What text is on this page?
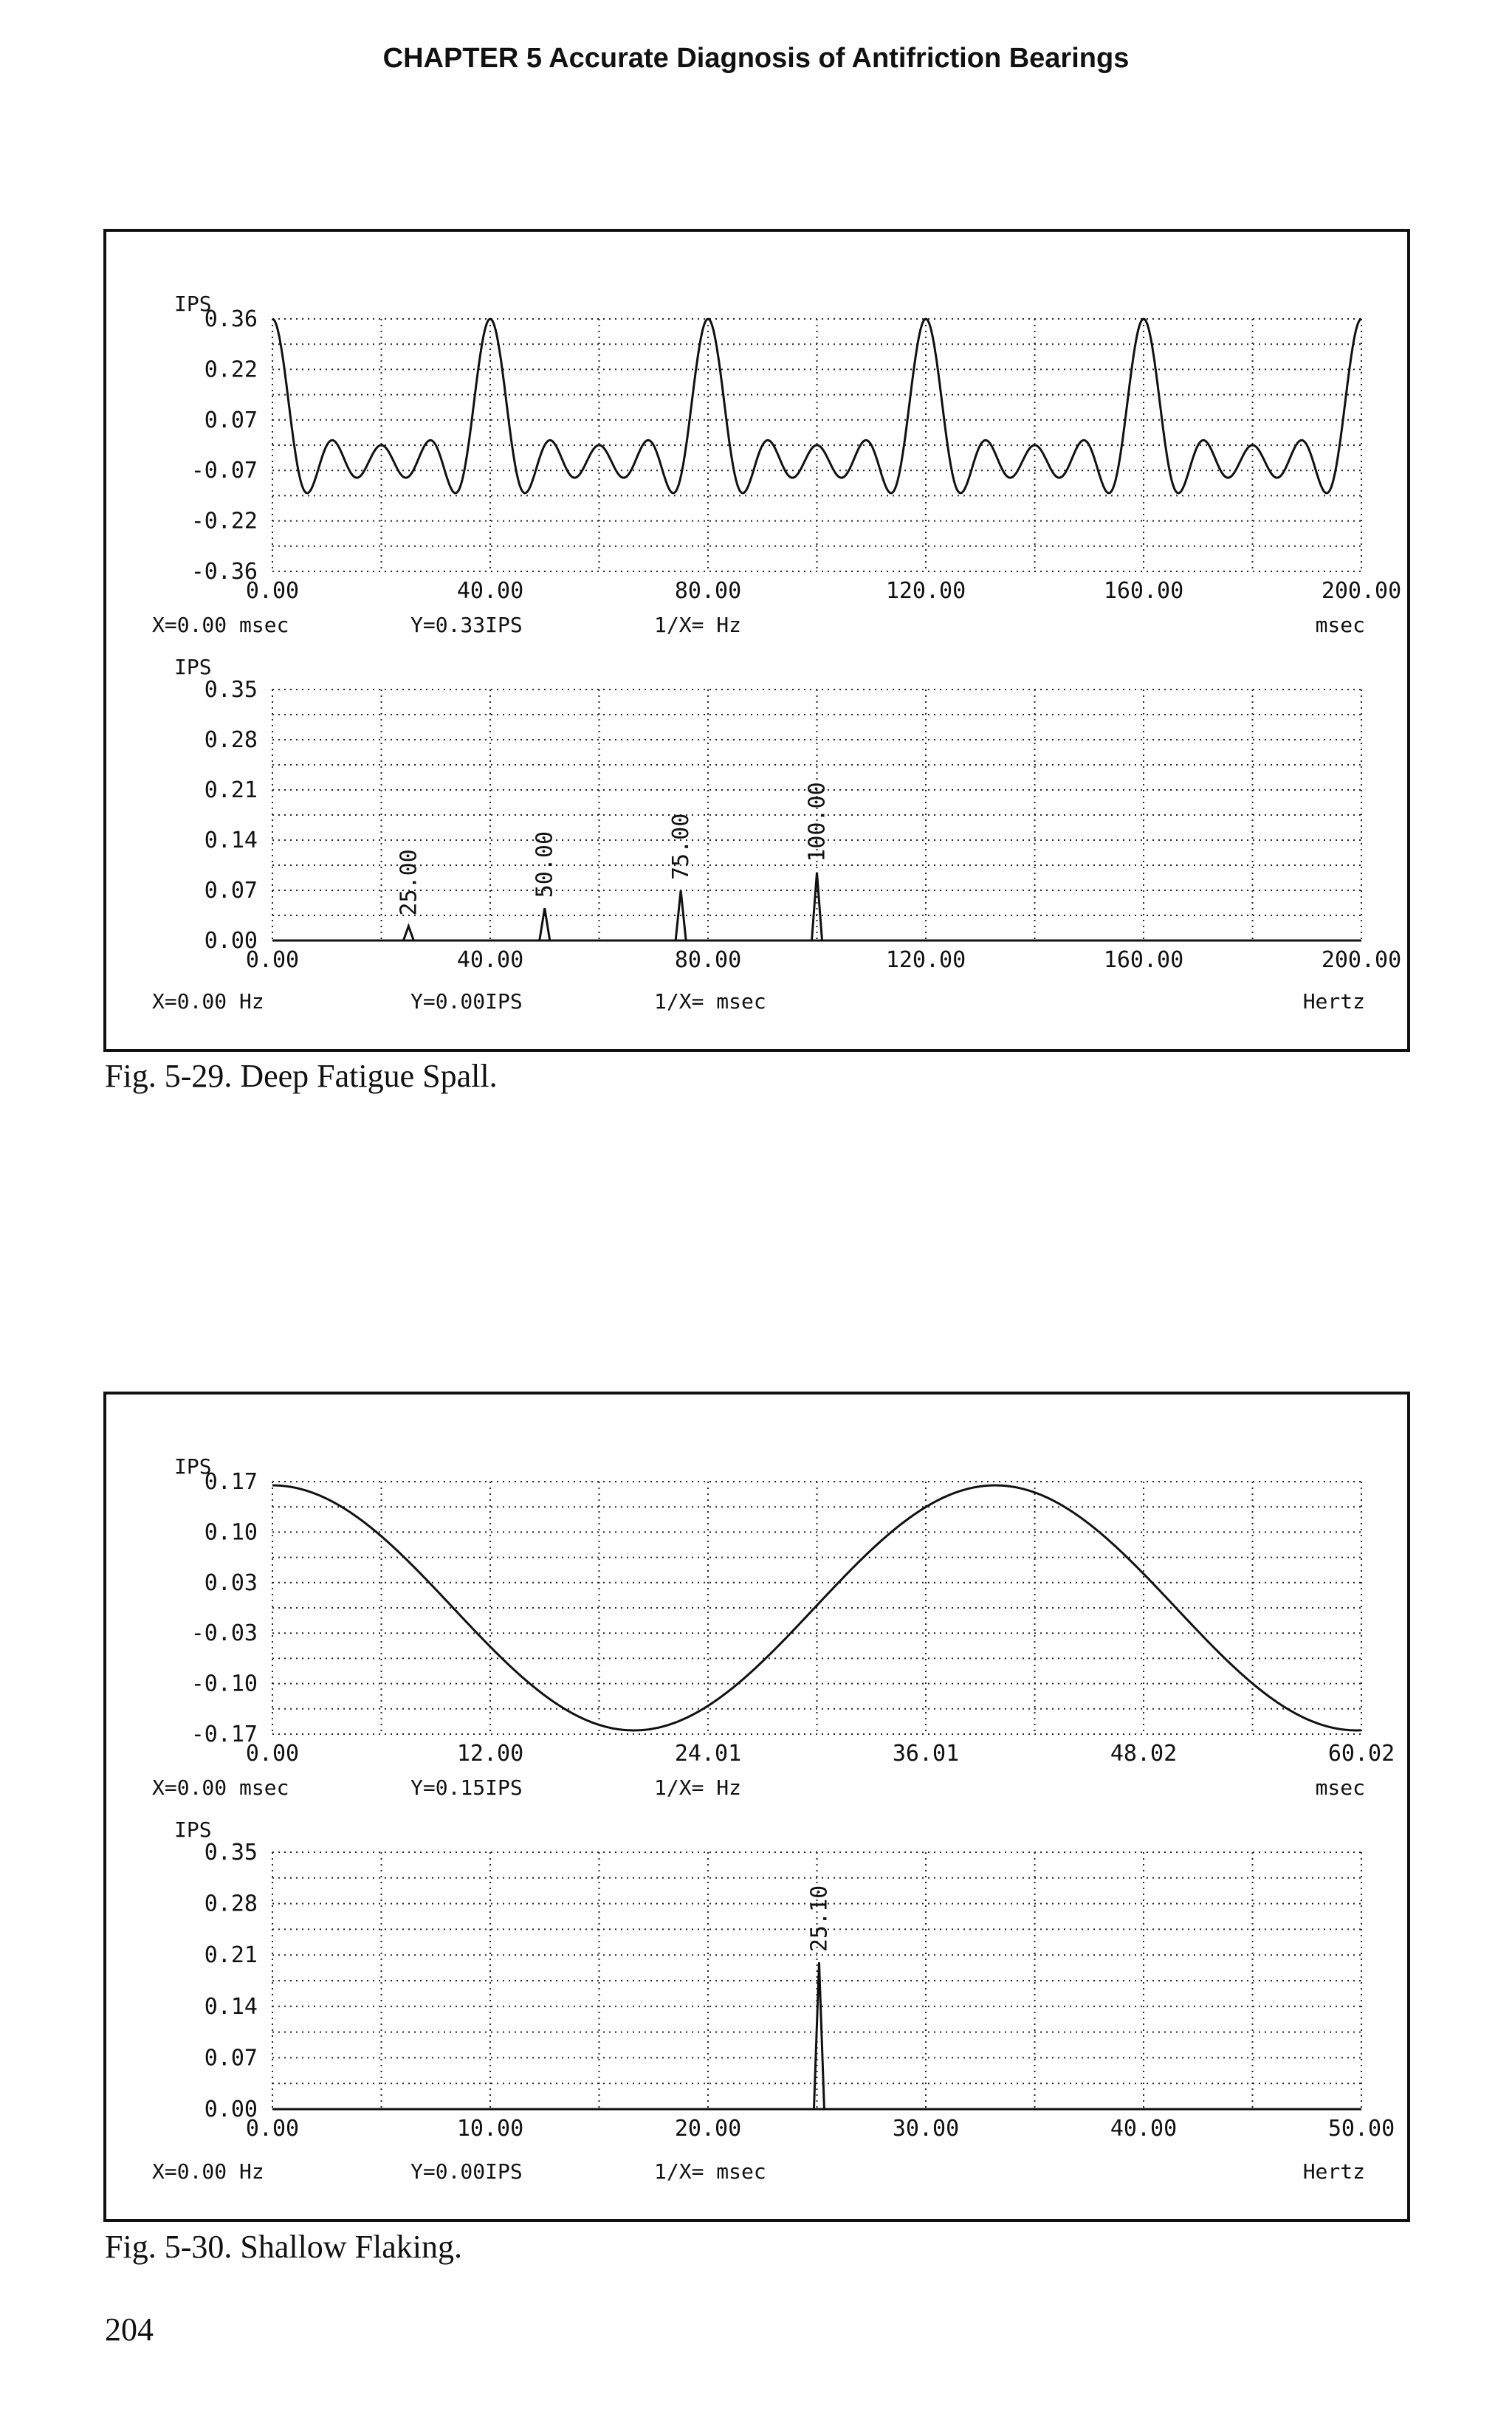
CHAPTER 5 Accurate Diagnosis of Antifriction Bearings
IPS
0.36
0.22
0.07
-0.07
-0.22
-0.36
0.00	40.00	80.00	120.00	160.00	200.00
X=0.00 msec	Y=0.33IPS	1/X= Hz	msec
IPS
0.35
0.28
0.21
0.14
0.07
0.00
25.00	50.00	75.00	100.00
0.00	40.00	80.00	120.00	160.00	200.00
X=0.00 Hz	Y=0.00IPS	1/X= msec	Hertz
Fig. 5-29. Deep Fatigue Spall.
IPS
0.17
0.10
0.03
-0.03
-0.10
-0.17
0.00	12.00	24.01	36.01	48.02	60.02
X=0.00 msec	Y=0.15IPS	1/X= Hz	msec
IPS
0.35
0.28
0.21
0.14
0.07
0.00
25.10
0.00	10.00	20.00	30.00	40.00	50.00
X=0.00 Hz	Y=0.00IPS	1/X= msec	Hertz
Fig. 5-30. Shallow Flaking.
204
